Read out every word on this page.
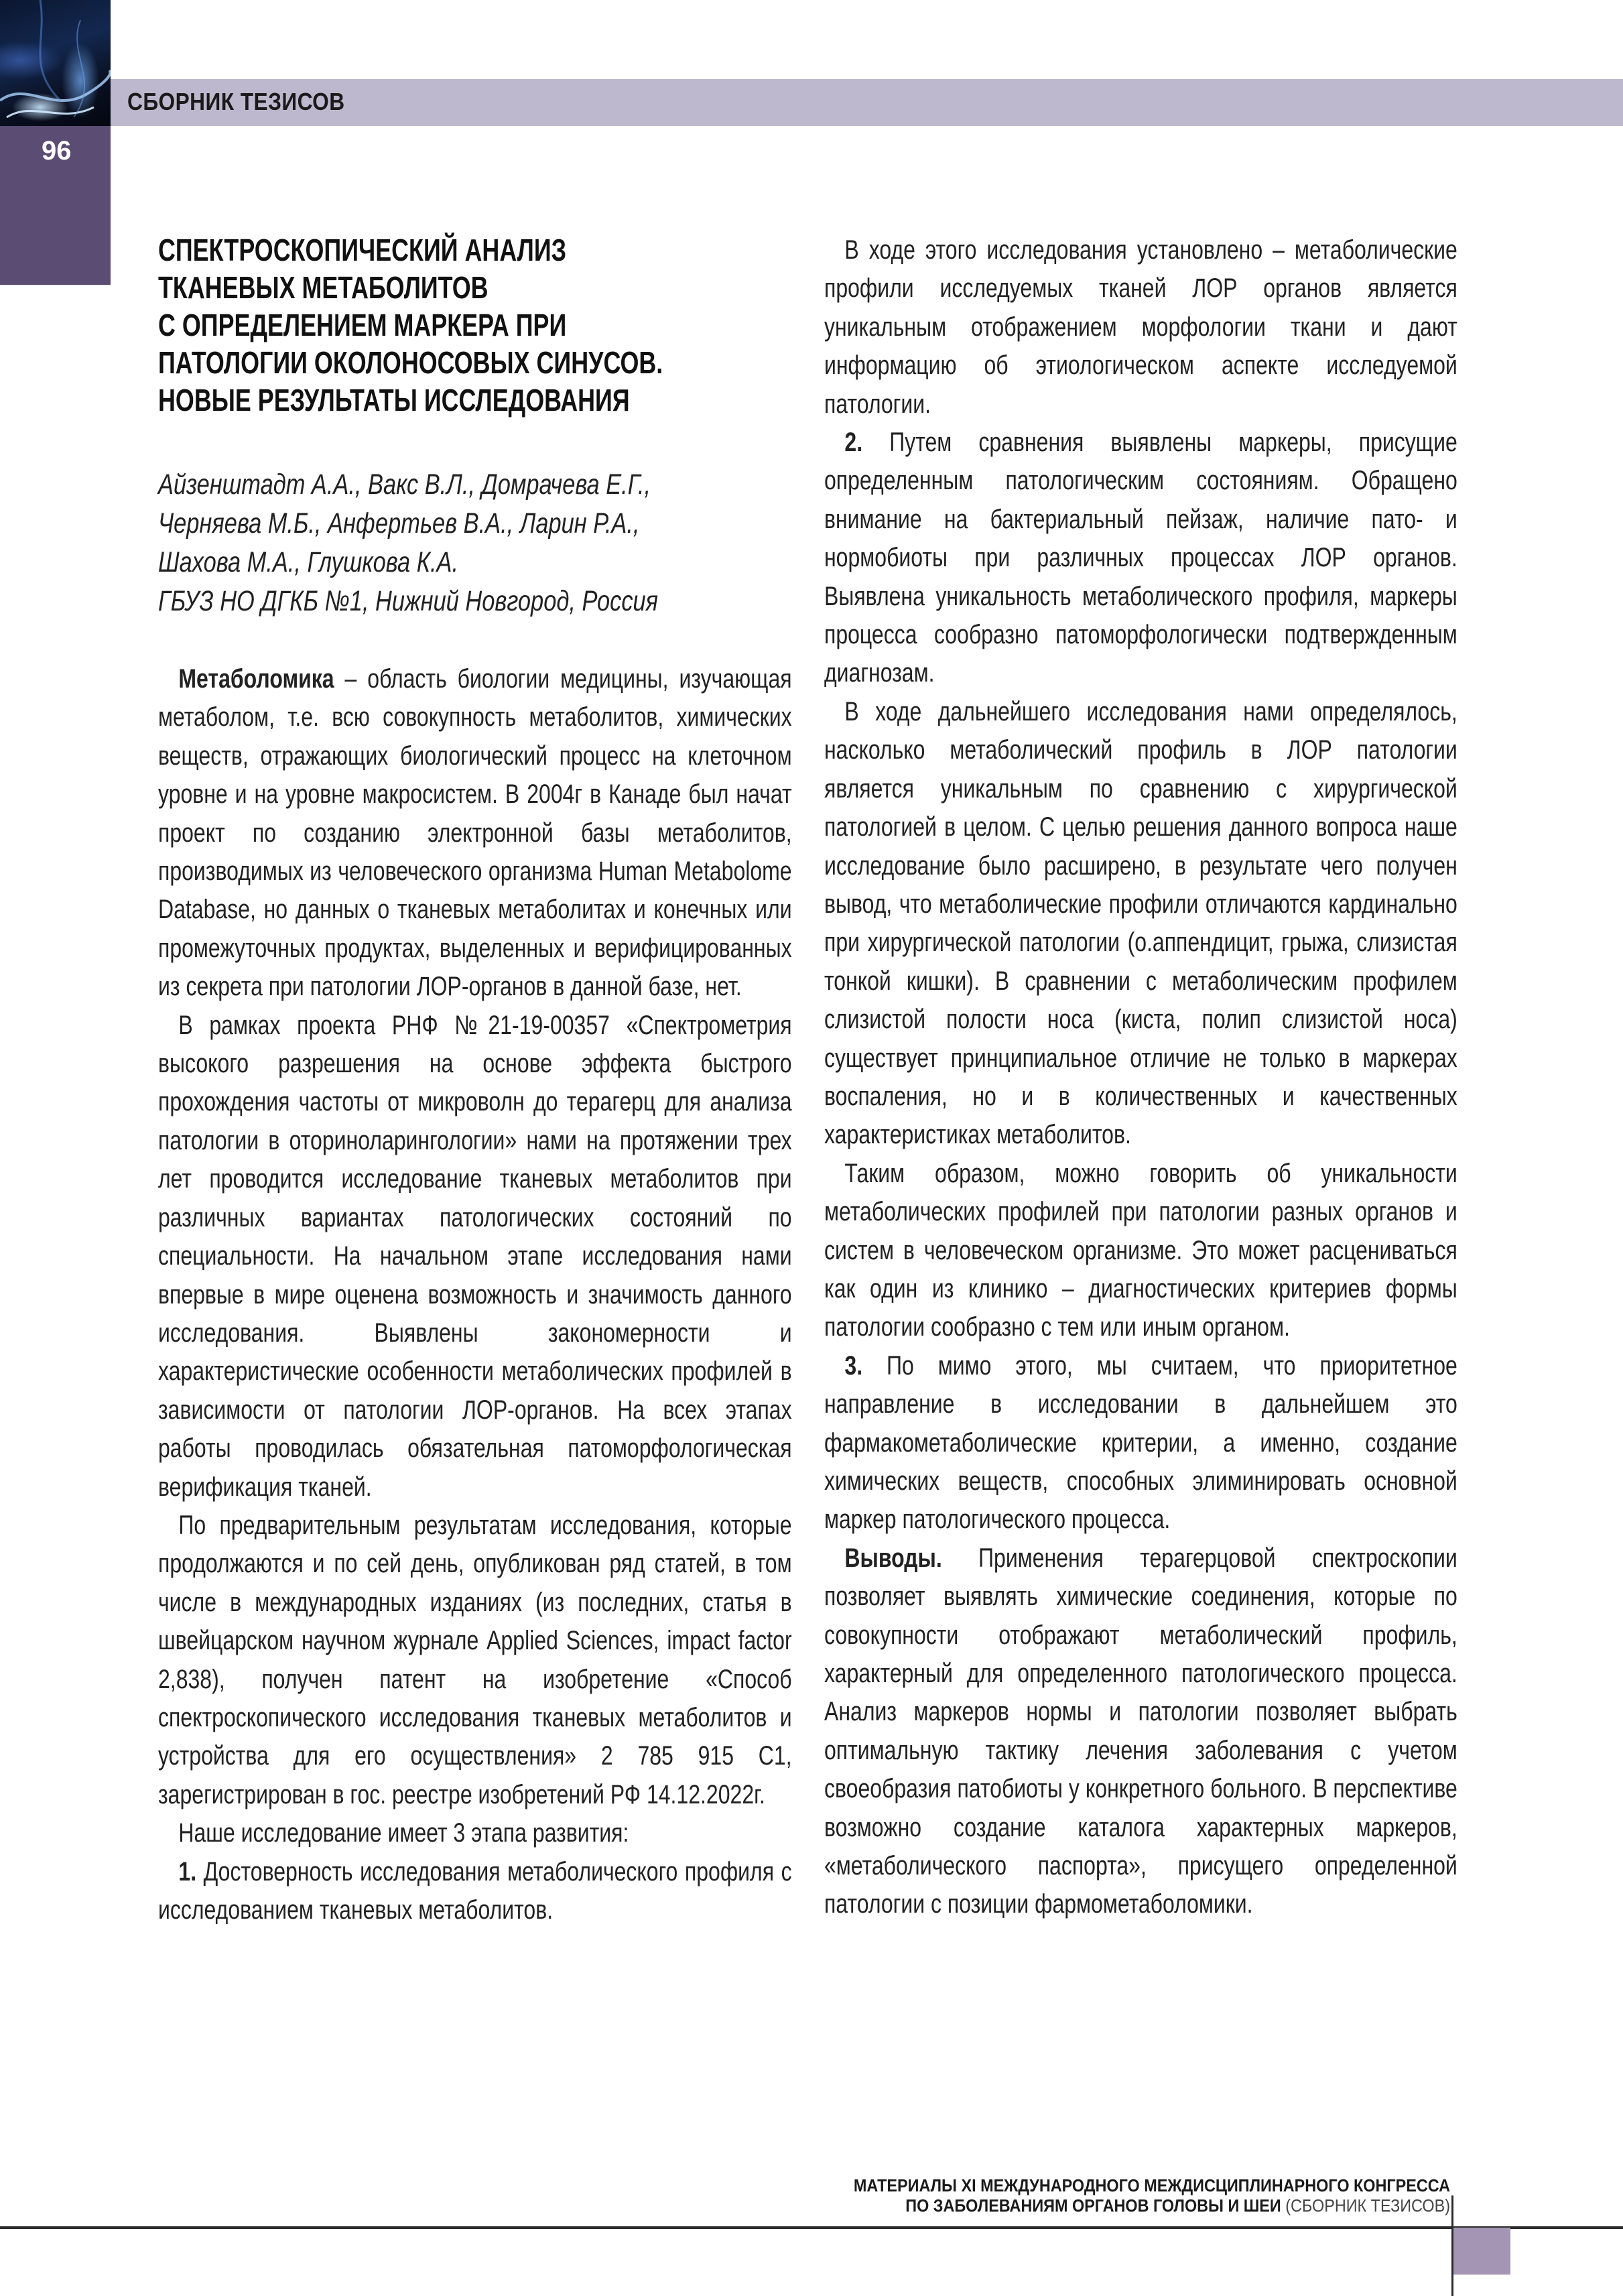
СБОРНИК ТЕЗИСОВ
96
СПЕКТРОСКОПИЧЕСКИЙ АНАЛИЗ
ТКАНЕВЫХ МЕТАБОЛИТОВ
С ОПРЕДЕЛЕНИЕМ МАРКЕРА ПРИ
ПАТОЛОГИИ ОКОЛОНОСОВЫХ СИНУСОВ.
НОВЫЕ РЕЗУЛЬТАТЫ ИССЛЕДОВАНИЯ
Айзенштадт А.А., Вакс В.Л., Домрачева Е.Г.,
Черняева М.Б., Анфертьев В.А., Ларин Р.А.,
Шахова М.А., Глушкова К.А.
ГБУЗ НО ДГКБ №1, Нижний Новгород, Россия

Метаболомика – область биологии медицины, изучающая метаболом, т.е. всю совокупность метаболитов, химических веществ, отражающих биологический процесс на клеточном уровне и на уровне макросистем. В 2004г в Канаде был начат проект по созданию электронной базы метаболитов, производимых из человеческого организма Human Metabolome Database, но данных о тканевых метаболитах и конечных или промежуточных продуктах, выделенных и верифицированных из секрета при патологии ЛОР-органов в данной базе, нет.

В рамках проекта РНФ №21-19-00357 «Спектрометрия высокого разрешения на основе эффекта быстрого прохождения частоты от микроволн до терагерц для анализа патологии в оториноларингологии» нами на протяжении трех лет проводится исследование тканевых метаболитов при различных вариантах патологических состояний по специальности. На начальном этапе исследования нами впервые в мире оценена возможность и значимость данного исследования. Выявлены закономерности и характеристические особенности метаболических профилей в зависимости от патологии ЛОР-органов. На всех этапах работы проводилась обязательная патоморфологическая верификация тканей.

По предварительным результатам исследования, которые продолжаются и по сей день, опубликован ряд статей, в том числе в международных изданиях (из последних, статья в швейцарском научном журнале Applied Sciences, impact factor 2,838), получен патент на изобретение «Способ спектроскопического исследования тканевых метаболитов и устройства для его осуществления» 2 785 915 С1, зарегистрирован в гос. реестре изобретений РФ 14.12.2022г.

Наше исследование имеет 3 этапа развития:

1. Достоверность исследования метаболического профиля с исследованием тканевых метаболитов.

В ходе этого исследования установлено – метаболические профили исследуемых тканей ЛОР органов является уникальным отображением морфологии ткани и дают информацию об этиологическом аспекте исследуемой патологии.

2. Путем сравнения выявлены маркеры, присущие определенным патологическим состояниям. Обращено внимание на бактериальный пейзаж, наличие пато- и нормобиоты при различных процессах ЛОР органов. Выявлена уникальность метаболического профиля, маркеры процесса сообразно патоморфологически подтвержденным диагнозам.

В ходе дальнейшего исследования нами определялось, насколько метаболический профиль в ЛОР патологии является уникальным по сравнению с хирургической патологией в целом. С целью решения данного вопроса наше исследование было расширено, в результате чего получен вывод, что метаболические профили отличаются кардинально при хирургической патологии (о.аппендицит, грыжа, слизистая тонкой кишки). В сравнении с метаболическим профилем слизистой полости носа (киста, полип слизистой носа) существует принципиальное отличие не только в маркерах воспаления, но и в количественных и качественных характеристиках метаболитов.

Таким образом, можно говорить об уникальности метаболических профилей при патологии разных органов и систем в человеческом организме. Это может расцениваться как один из клинико – диагностических критериев формы патологии сообразно с тем или иным органом.

3. По мимо этого, мы считаем, что приоритетное направление в исследовании в дальнейшем это фармакометаболические критерии, а именно, создание химических веществ, способных элиминировать основной маркер патологического процесса.

Выводы. Применения терагерцовой спектроскопии позволяет выявлять химические соединения, которые по совокупности отображают метаболический профиль, характерный для определенного патологического процесса. Анализ маркеров нормы и патологии позволяет выбрать оптимальную тактику лечения заболевания с учетом своеобразия патобиоты у конкретного больного. В перспективе возможно создание каталога характерных маркеров, «метаболического паспорта», присущего определенной патологии с позиции фармометаболомики.

МАТЕРИАЛЫ XI МЕЖДУНАРОДНОГО МЕЖДИСЦИПЛИНАРНОГО КОНГРЕССА
ПО ЗАБОЛЕВАНИЯМ ОРГАНОВ ГОЛОВЫ И ШЕИ (СБОРНИК ТЕЗИСОВ)
